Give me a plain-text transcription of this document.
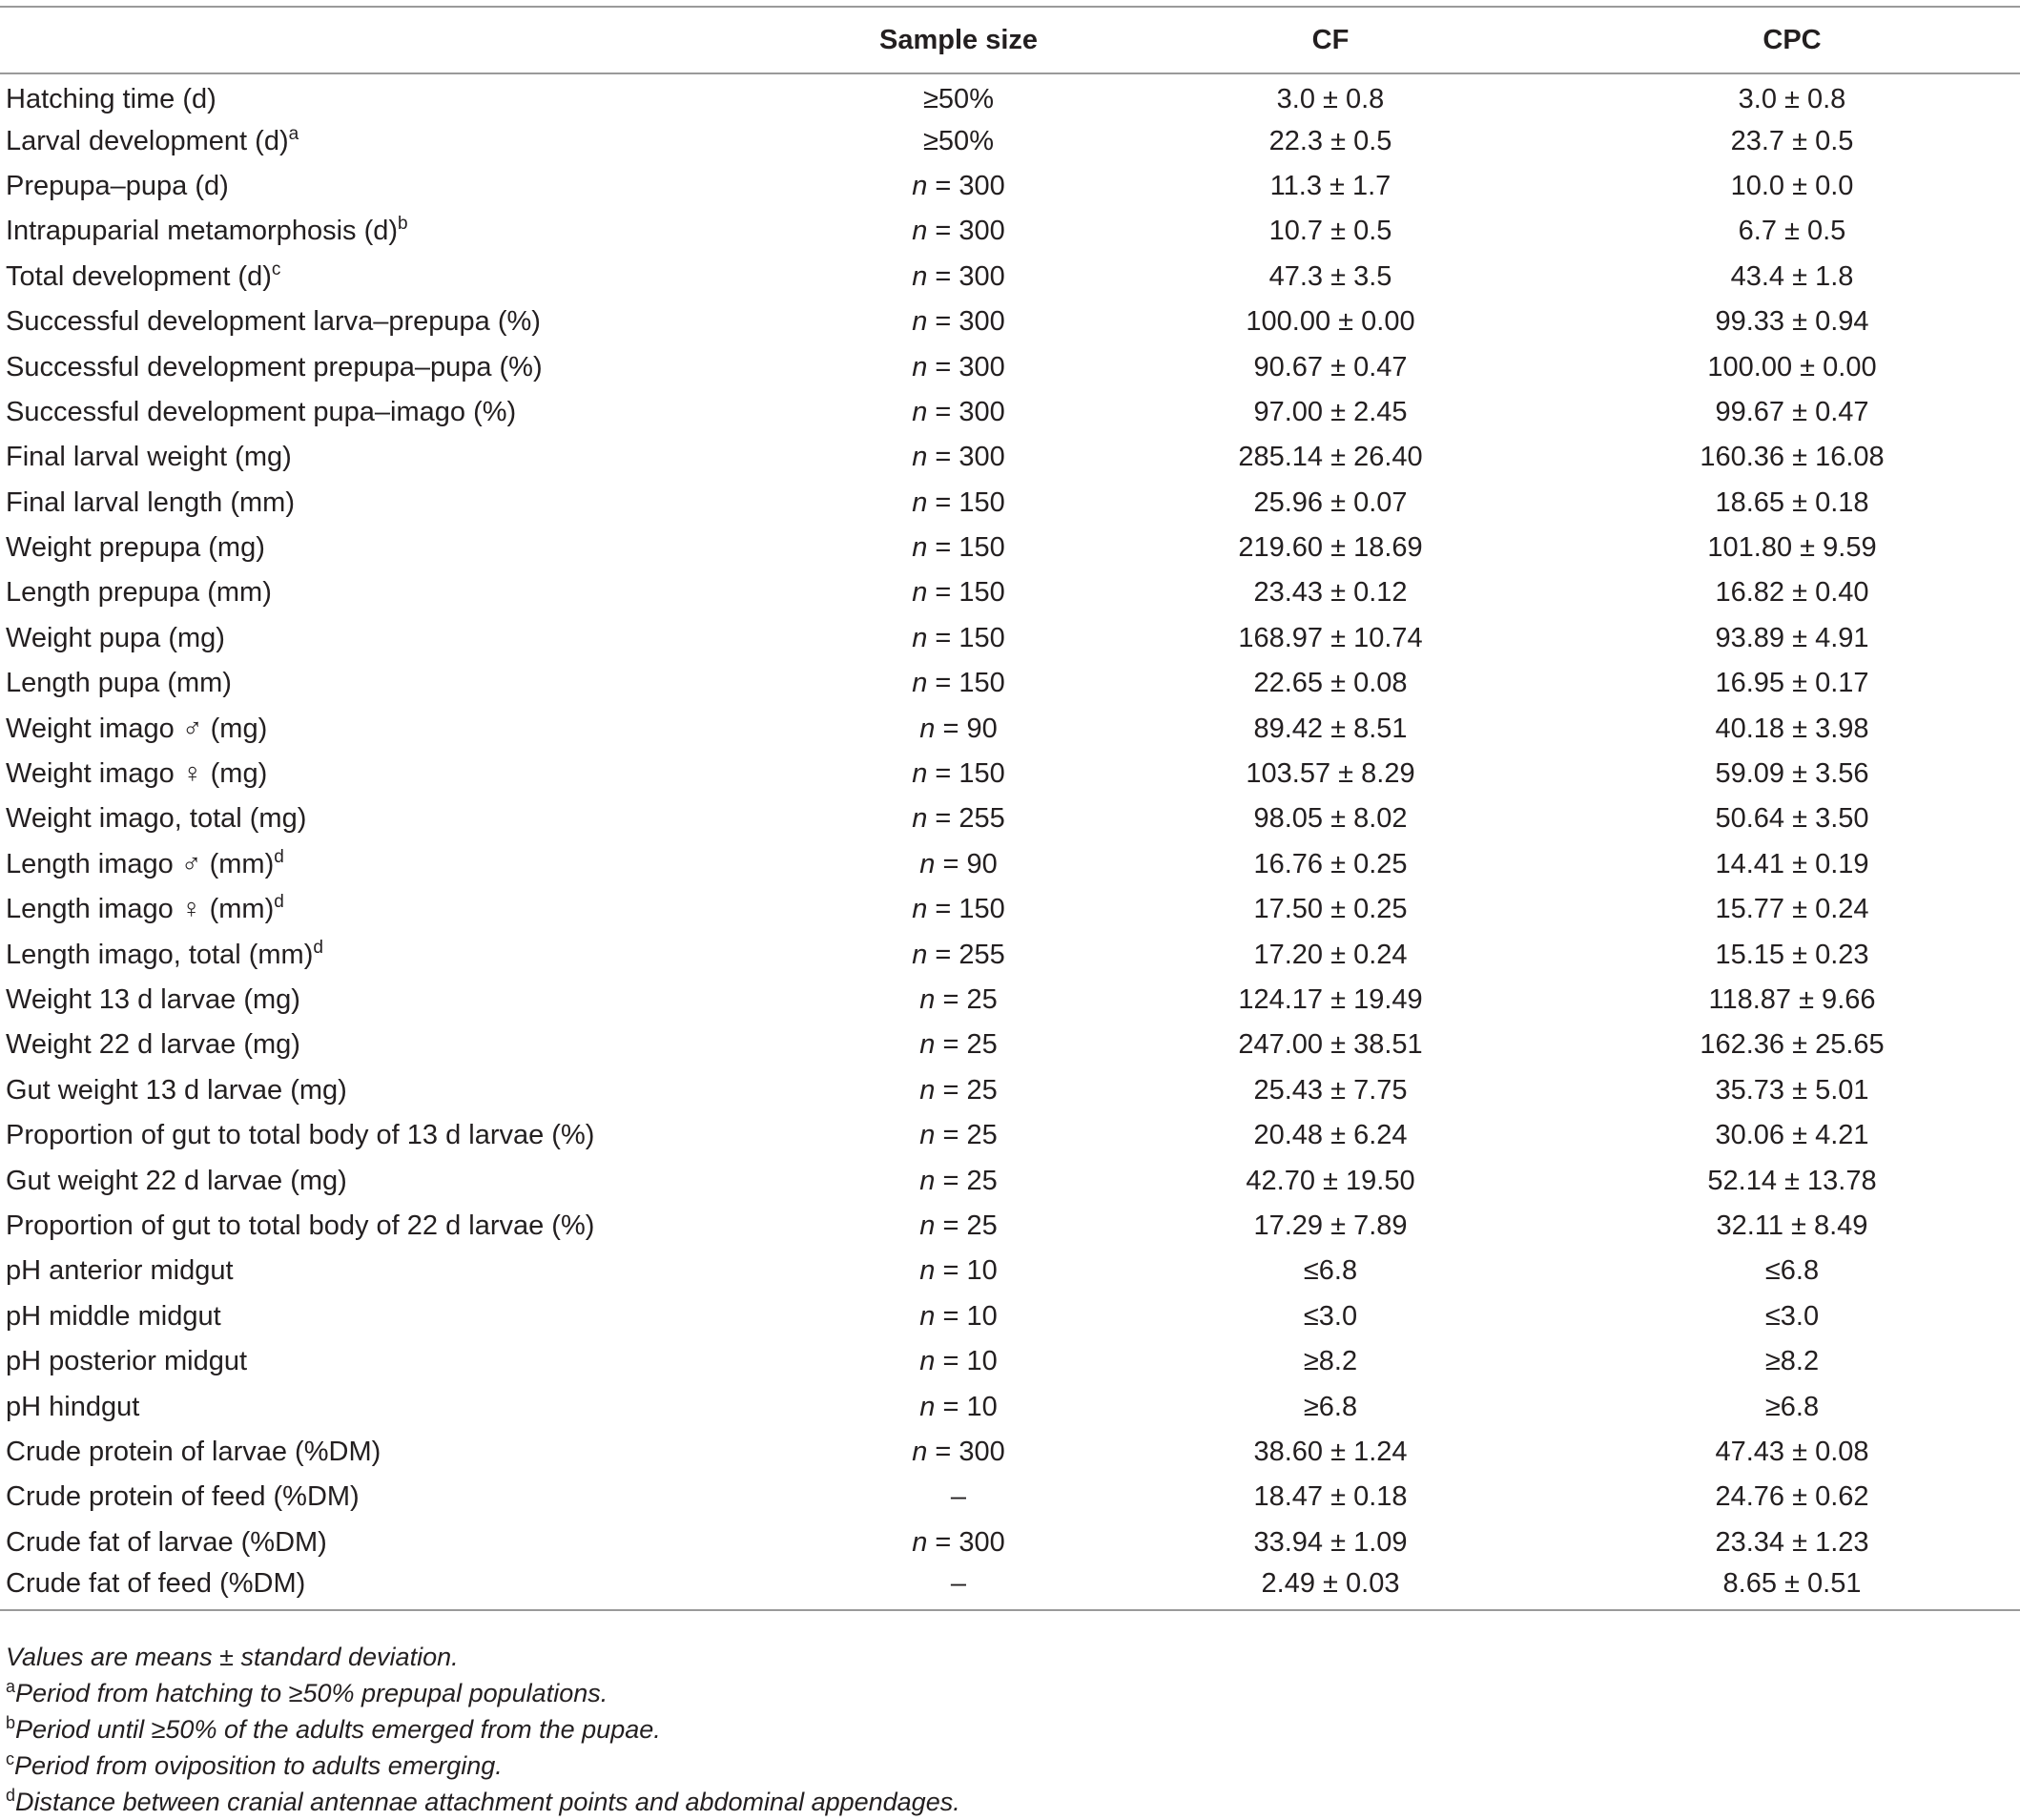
	Sample size	CF	CPC
Hatching time (d)	≥50%	3.0 ± 0.8	3.0 ± 0.8
Larval development $(d)^a$	≥50%	22.3 ± 0.5	23.7 ± 0.5
Prepupa–pupa (d)	n = 300	11.3 ± 1.7	10.0 ± 0.0
Intrapuparial metamorphosis $(d)^b$	n = 300	10.7 ± 0.5	6.7 ± 0.5
Total development $(d)^c$	n = 300	47.3 ± 3.5	43.4 ± 1.8
Successful development larva–prepupa (%)	n = 300	100.00 ± 0.00	99.33 ± 0.94
Successful development prepupa–pupa (%)	n = 300	90.67 ± 0.47	100.00 ± 0.00
Successful development pupa–imago (%)	n = 300	97.00 ± 2.45	99.67 ± 0.47
Final larval weight (mg)	n = 300	285.14 ± 26.40	160.36 ± 16.08
Final larval length (mm)	n = 150	25.96 ± 0.07	18.65 ± 0.18
Weight prepupa (mg)	n = 150	219.60 ± 18.69	101.80 ± 9.59
Length prepupa (mm)	n = 150	23.43 ± 0.12	16.82 ± 0.40
Weight pupa (mg)	n = 150	168.97 ± 10.74	93.89 ± 4.91
Length pupa (mm)	n = 150	22.65 ± 0.08	16.95 ± 0.17
Weight imago ♂ (mg)	n = 90	89.42 ± 8.51	40.18 ± 3.98
Weight imago ♀ (mg)	n = 150	103.57 ± 8.29	59.09 ± 3.56
Weight imago, total (mg)	n = 255	98.05 ± 8.02	50.64 ± 3.50
Length imago ♂ (mm)$^d$	n = 90	16.76 ± 0.25	14.41 ± 0.19
Length imago ♀ (mm)$^d$	n = 150	17.50 ± 0.25	15.77 ± 0.24
Length imago, total (mm)$^d$	n = 255	17.20 ± 0.24	15.15 ± 0.23
Weight 13 d larvae (mg)	n = 25	124.17 ± 19.49	118.87 ± 9.66
Weight 22 d larvae (mg)	n = 25	247.00 ± 38.51	162.36 ± 25.65
Gut weight 13 d larvae (mg)	n = 25	25.43 ± 7.75	35.73 ± 5.01
Proportion of gut to total body of 13 d larvae (%)	n = 25	20.48 ± 6.24	30.06 ± 4.21
Gut weight 22 d larvae (mg)	n = 25	42.70 ± 19.50	52.14 ± 13.78
Proportion of gut to total body of 22 d larvae (%)	n = 25	17.29 ± 7.89	32.11 ± 8.49
pH anterior midgut	n = 10	≤6.8	≤6.8
pH middle midgut	n = 10	≤3.0	≤3.0
pH posterior midgut	n = 10	≥8.2	≥8.2
pH hindgut	n = 10	≥6.8	≥6.8
Crude protein of larvae (%DM)	n = 300	38.60 ± 1.24	47.43 ± 0.08
Crude protein of feed (%DM)	–	18.47 ± 0.18	24.76 ± 0.62
Crude fat of larvae (%DM)	n = 300	33.94 ± 1.09	23.34 ± 1.23
Crude fat of feed (%DM)	–	2.49 ± 0.03	8.65 ± 0.51
Values are means ± standard deviation.
$^a$Period from hatching to ≥50% prepupal populations.
$^b$Period until ≥50% of the adults emerged from the pupae.
$^c$Period from oviposition to adults emerging.
$^d$Distance between cranial antennae attachment points and abdominal appendages.
